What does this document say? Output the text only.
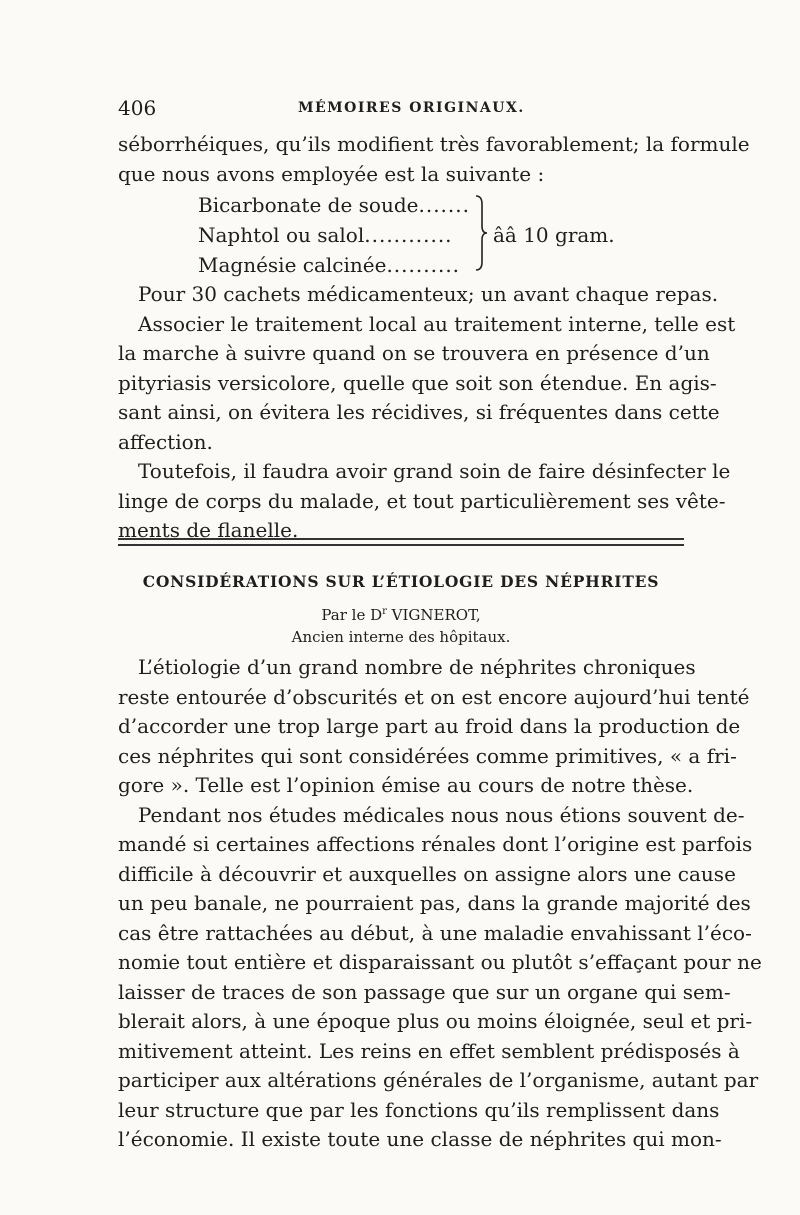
406	MÉMOIRES ORIGINAUX.
séborrhéiques, qu’ils modifient très favorablement; la formule
que nous avons employée est la suivante :
Bicarbonate de soude.......
Naphtol ou salol............
Magnésie calcinée..........
ââ 10 gram.
Pour 30 cachets médicamenteux; un avant chaque repas.
Associer le traitement local au traitement interne, telle est
la marche à suivre quand on se trouvera en présence d’un
pityriasis versicolore, quelle que soit son étendue. En agis-
sant ainsi, on évitera les récidives, si fréquentes dans cette
affection.
Toutefois, il faudra avoir grand soin de faire désinfecter le
linge de corps du malade, et tout particulièrement ses vête-
ments de flanelle.
CONSIDÉRATIONS SUR L’ÉTIOLOGIE DES NÉPHRITES
Par le $D^r$ VIGNEROT,
Ancien interne des hôpitaux.
L’étiologie d’un grand nombre de néphrites chroniques
reste entourée d’obscurités et on est encore aujourd’hui tenté
d’accorder une trop large part au froid dans la production de
ces néphrites qui sont considérées comme primitives, « a fri-
gore ». Telle est l’opinion émise au cours de notre thèse.
Pendant nos études médicales nous nous étions souvent de-
mandé si certaines affections rénales dont l’origine est parfois
difficile à découvrir et auxquelles on assigne alors une cause
un peu banale, ne pourraient pas, dans la grande majorité des
cas être rattachées au début, à une maladie envahissant l’éco-
nomie tout entière et disparaissant ou plutôt s’effaçant pour ne
laisser de traces de son passage que sur un organe qui sem-
blerait alors, à une époque plus ou moins éloignée, seul et pri-
mitivement atteint. Les reins en effet semblent prédisposés à
participer aux altérations générales de l’organisme, autant par
leur structure que par les fonctions qu’ils remplissent dans
l’économie. Il existe toute une classe de néphrites qui mon-
